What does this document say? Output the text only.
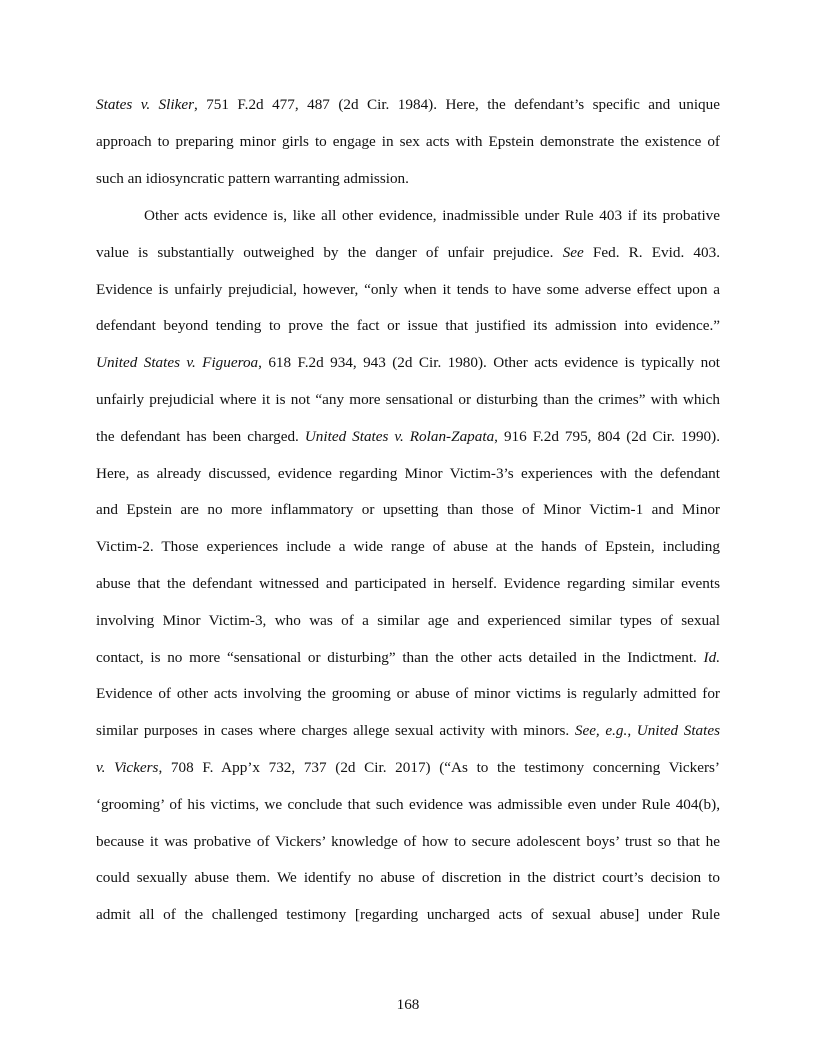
States v. Sliker, 751 F.2d 477, 487 (2d Cir. 1984). Here, the defendant’s specific and unique
approach to preparing minor girls to engage in sex acts with Epstein demonstrate the existence of
such an idiosyncratic pattern warranting admission.
Other acts evidence is, like all other evidence, inadmissible under Rule 403 if its probative
value is substantially outweighed by the danger of unfair prejudice. See Fed. R. Evid. 403.
Evidence is unfairly prejudicial, however, “only when it tends to have some adverse effect upon a
defendant beyond tending to prove the fact or issue that justified its admission into evidence.”
United States v. Figueroa, 618 F.2d 934, 943 (2d Cir. 1980). Other acts evidence is typically not
unfairly prejudicial where it is not “any more sensational or disturbing than the crimes” with which
the defendant has been charged. United States v. Rolan-Zapata, 916 F.2d 795, 804 (2d Cir. 1990).
Here, as already discussed, evidence regarding Minor Victim-3’s experiences with the defendant
and Epstein are no more inflammatory or upsetting than those of Minor Victim-1 and Minor
Victim-2. Those experiences include a wide range of abuse at the hands of Epstein, including
abuse that the defendant witnessed and participated in herself. Evidence regarding similar events
involving Minor Victim-3, who was of a similar age and experienced similar types of sexual
contact, is no more “sensational or disturbing” than the other acts detailed in the Indictment. Id.
Evidence of other acts involving the grooming or abuse of minor victims is regularly admitted for
similar purposes in cases where charges allege sexual activity with minors. See, e.g., United States
v. Vickers, 708 F. App’x 732, 737 (2d Cir. 2017) (“As to the testimony concerning Vickers’
‘grooming’ of his victims, we conclude that such evidence was admissible even under Rule 404(b),
because it was probative of Vickers’ knowledge of how to secure adolescent boys’ trust so that he
could sexually abuse them. We identify no abuse of discretion in the district court’s decision to
admit all of the challenged testimony [regarding uncharged acts of sexual abuse] under Rule
168
